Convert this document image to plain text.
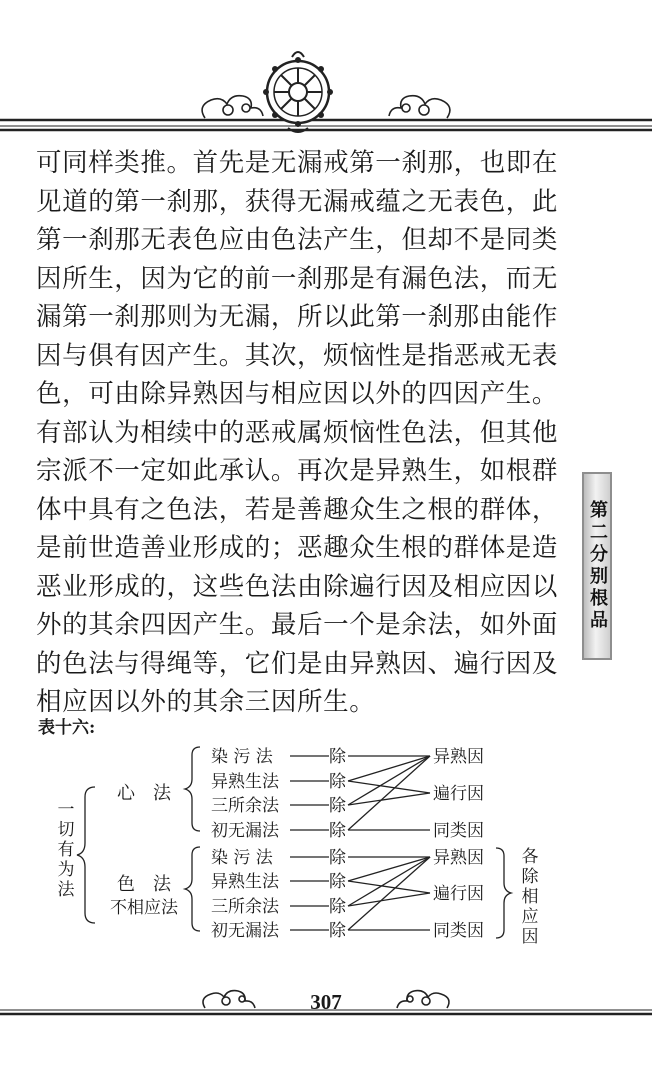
第二分别根品
可同样类推。首先是无漏戒第一刹那，也即在
见道的第一刹那，获得无漏戒蕴之无表色，此
第一刹那无表色应由色法产生，但却不是同类
因所生，因为它的前一刹那是有漏色法，而无
漏第一刹那则为无漏，所以此第一刹那由能作
因与俱有因产生。其次，烦恼性是指恶戒无表
色，可由除异熟因与相应因以外的四因产生。
有部认为相续中的恶戒属烦恼性色法，但其他
宗派不一定如此承认。再次是异熟生，如根群
体中具有之色法，若是善趣众生之根的群体，
是前世造善业形成的；恶趣众生根的群体是造
恶业形成的，这些色法由除遍行因及相应因以
外的其余四因产生。最后一个是余法，如外面
的色法与得绳等，它们是由异熟因、遍行因及
相应因以外的其余三因所生。
表十六:
一切有为法
心　法
色　法
不相应法
染 污 法
异熟生法
三所余法
初无漏法
染 污 法
异熟生法
三所余法
初无漏法
除
除
除
除
除
除
除
除
异熟因
遍行因
同类因
异熟因
遍行因
同类因
各除相应因
307
